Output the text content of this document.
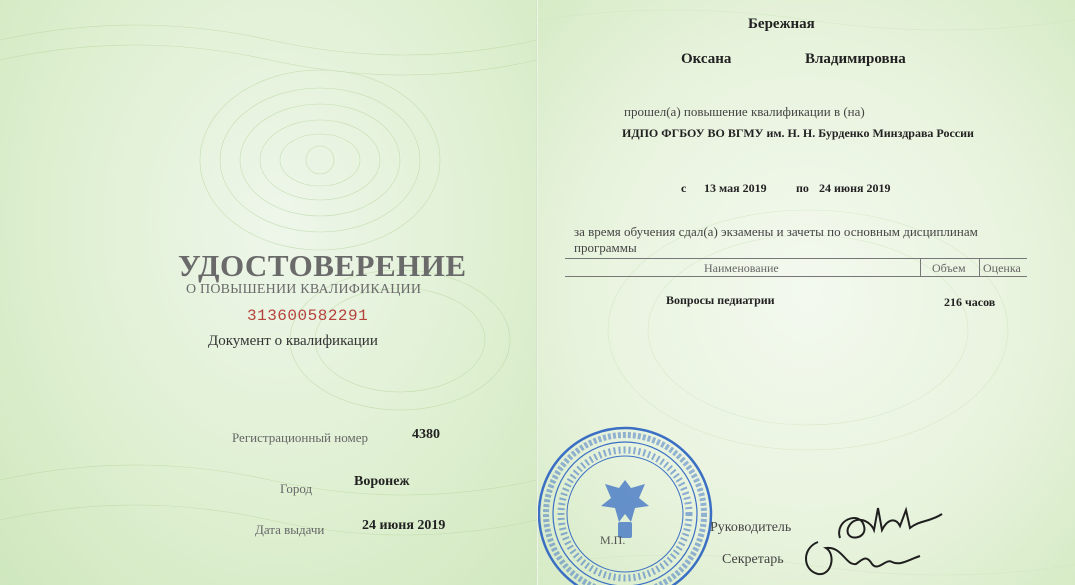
УДОСТОВЕРЕНИЕ
О ПОВЫШЕНИИ КВАЛИФИКАЦИИ
313600582291
Документ о квалификации
Регистрационный номер	4380
Город	Воронеж
Дата выдачи	24 июня 2019
Бережная
Оксана	Владимировна
прошел(а) повышение квалификации в (на)
ИДПО ФГБОУ ВО ВГМУ им. Н. Н. Бурденко Минздрава России
с 13 мая 2019 по 24 июня 2019
за время обучения сдал(а) экзамены и зачеты по основным дисциплинам
программы
Наименование	Объем Оценка
Вопросы педиатрии	216 часов
М.П.
Руководитель
Секретарь
